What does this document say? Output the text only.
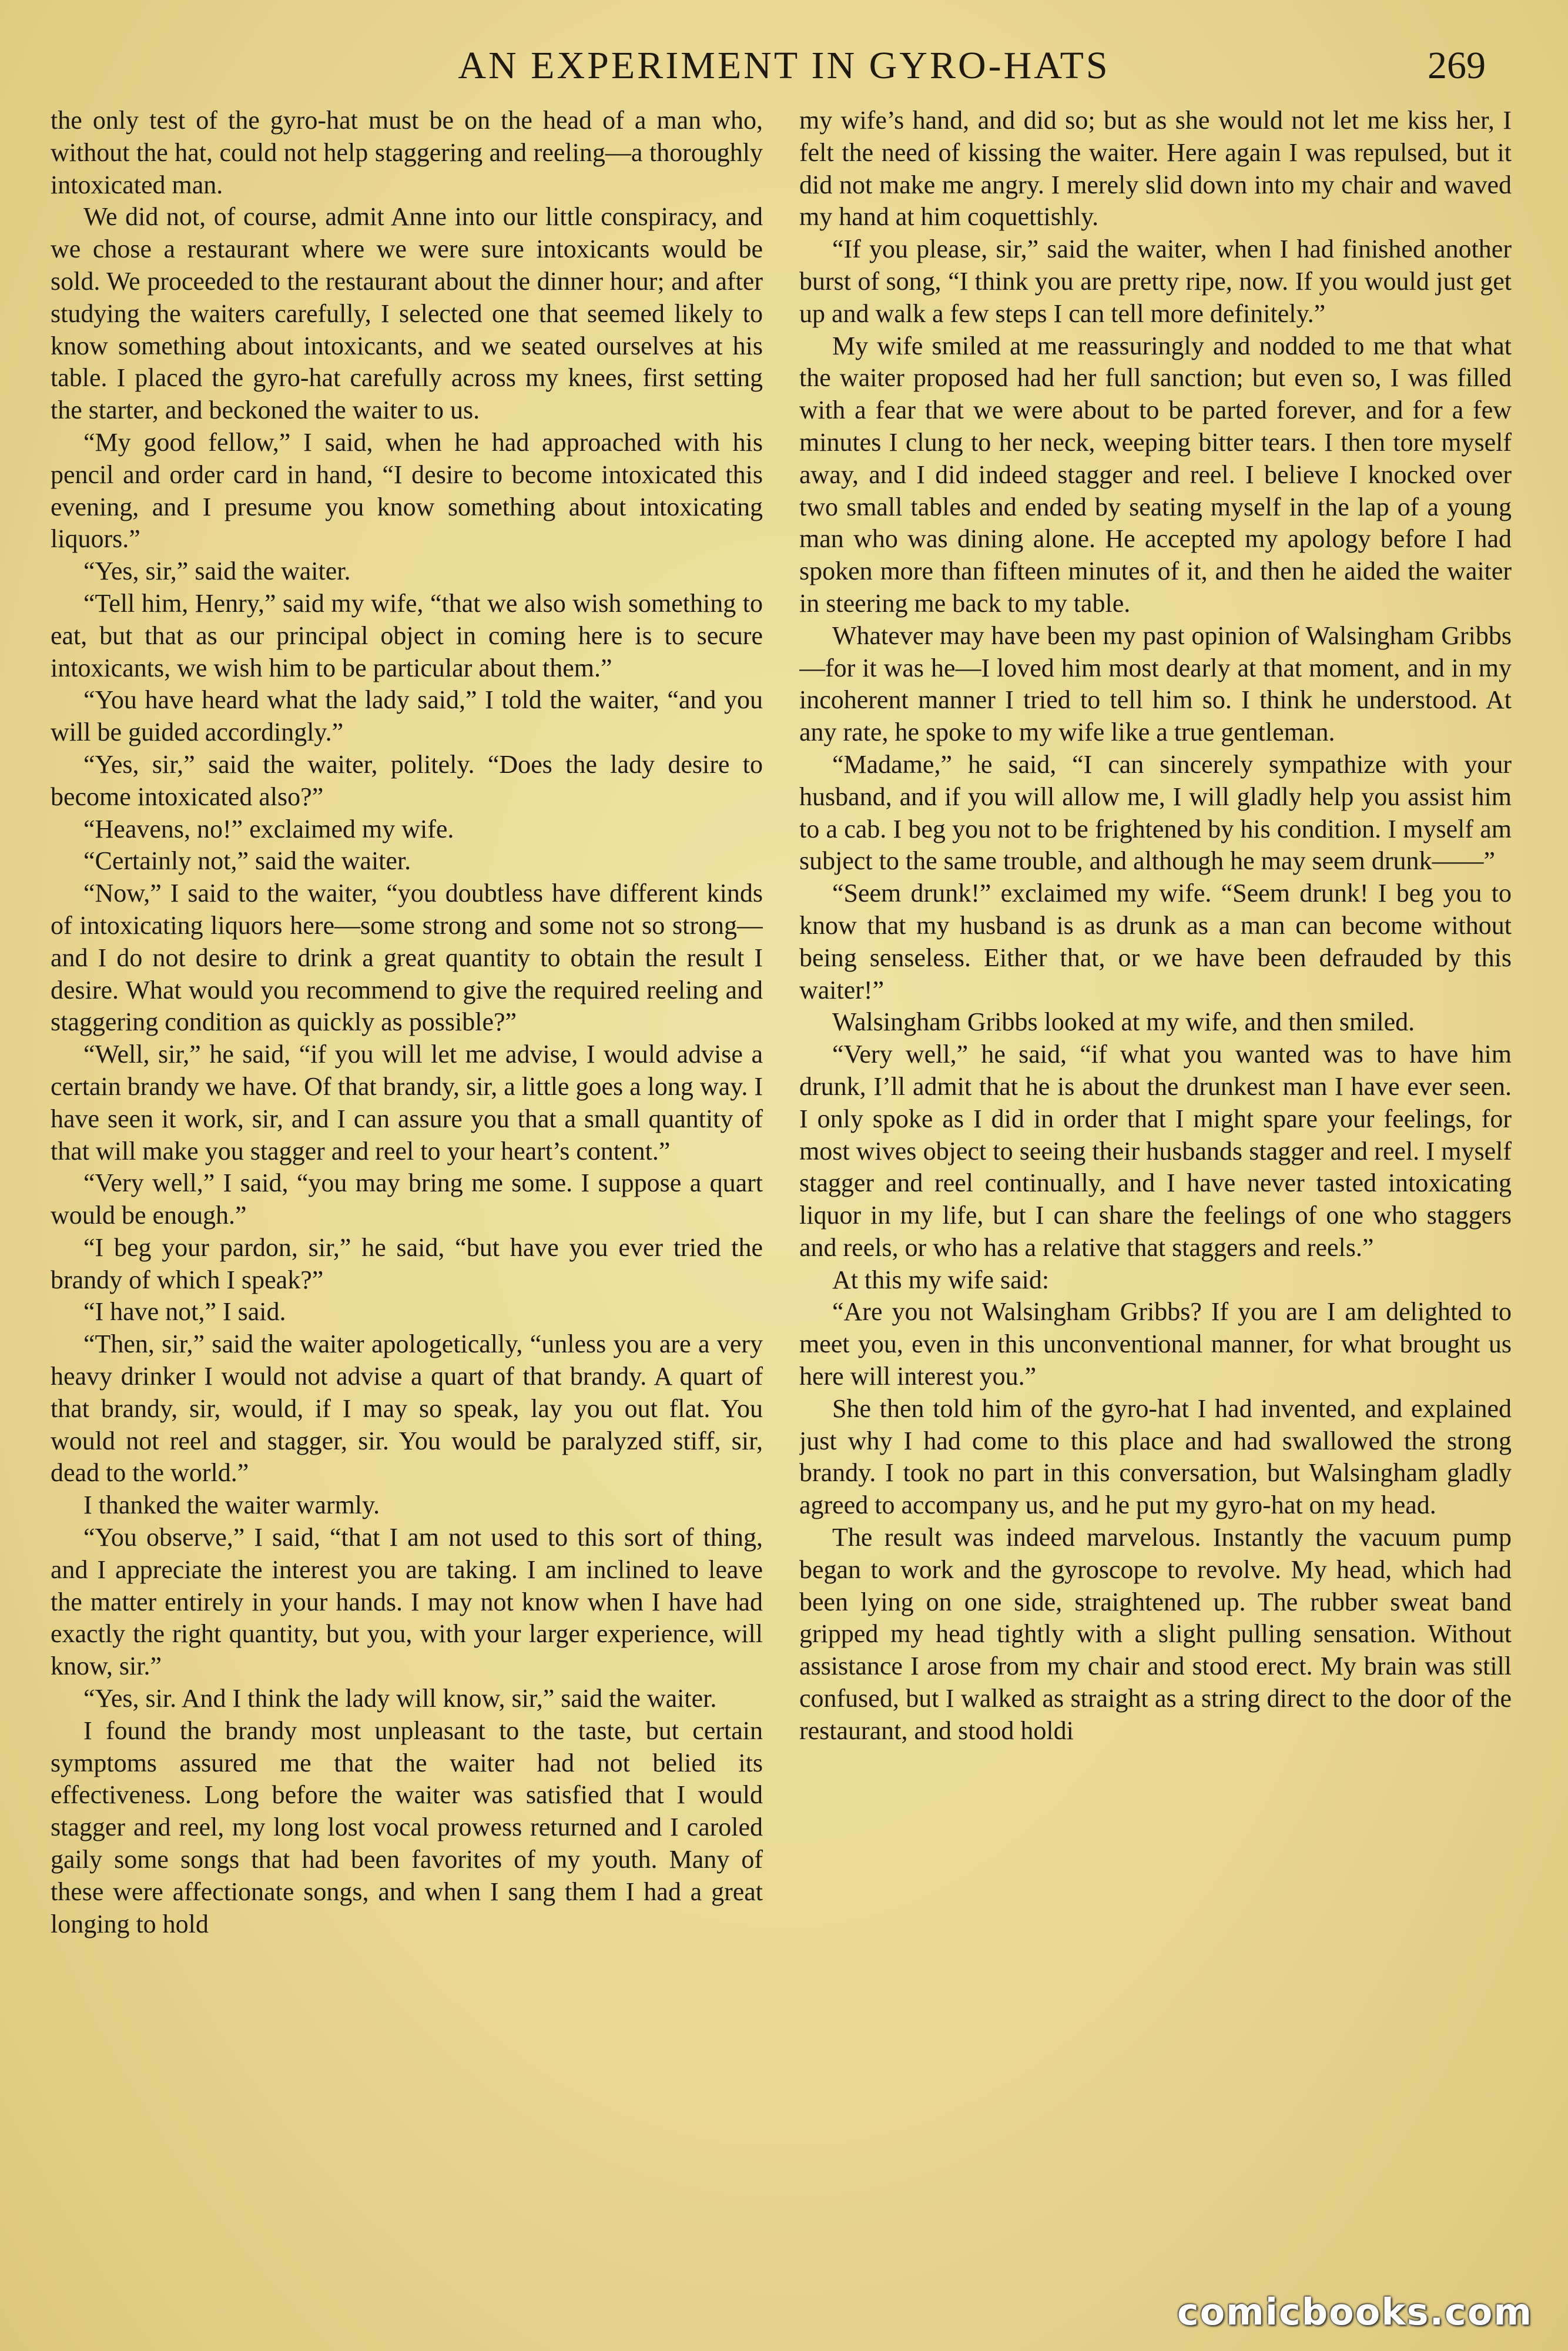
AN EXPERIMENT IN GYRO-HATS	269

the only test of the gyro-hat must be on the head of a man who, without the hat, could not help staggering and reeling—a thoroughly intoxicated man.

We did not, of course, admit Anne into our little conspiracy, and we chose a restaurant where we were sure intoxicants would be sold. We proceeded to the restaurant about the dinner hour; and after studying the waiters carefully, I selected one that seemed likely to know something about intoxicants, and we seated ourselves at his table. I placed the gyro-hat carefully across my knees, first setting the starter, and beckoned the waiter to us.

“My good fellow,” I said, when he had approached with his pencil and order card in hand, “I desire to become intoxicated this evening, and I presume you know something about intoxicating liquors.”

“Yes, sir,” said the waiter.

“Tell him, Henry,” said my wife, “that we also wish something to eat, but that as our principal object in coming here is to secure intoxicants, we wish him to be particular about them.”

“You have heard what the lady said,” I told the waiter, “and you will be guided accordingly.”

“Yes, sir,” said the waiter, politely. “Does the lady desire to become intoxicated also?”

“Heavens, no!” exclaimed my wife.

“Certainly not,” said the waiter.

“Now,” I said to the waiter, “you doubtless have different kinds of intoxicating liquors here—some strong and some not so strong—and I do not desire to drink a great quantity to obtain the result I desire. What would you recommend to give the required reeling and staggering condition as quickly as possible?”

“Well, sir,” he said, “if you will let me advise, I would advise a certain brandy we have. Of that brandy, sir, a little goes a long way. I have seen it work, sir, and I can assure you that a small quantity of that will make you stagger and reel to your heart’s content.”

“Very well,” I said, “you may bring me some. I suppose a quart would be enough.”

“I beg your pardon, sir,” he said, “but have you ever tried the brandy of which I speak?”

“I have not,” I said.

“Then, sir,” said the waiter apologetically, “unless you are a very heavy drinker I would not advise a quart of that brandy. A quart of that brandy, sir, would, if I may so speak, lay you out flat. You would not reel and stagger, sir. You would be paralyzed stiff, sir, dead to the world.”

I thanked the waiter warmly.

“You observe,” I said, “that I am not used to this sort of thing, and I appreciate the interest you are taking. I am inclined to leave the matter entirely in your hands. I may not know when I have had exactly the right quantity, but you, with your larger experience, will know, sir.”

“Yes, sir. And I think the lady will know, sir,” said the waiter.

I found the brandy most unpleasant to the taste, but certain symptoms assured me that the waiter had not belied its effectiveness. Long before the waiter was satisfied that I would stagger and reel, my long lost vocal prowess returned and I caroled gaily some songs that had been favorites of my youth. Many of these were affectionate songs, and when I sang them I had a great longing to hold

my wife’s hand, and did so; but as she would not let me kiss her, I felt the need of kissing the waiter. Here again I was repulsed, but it did not make me angry. I merely slid down into my chair and waved my hand at him coquettishly.

“If you please, sir,” said the waiter, when I had finished another burst of song, “I think you are pretty ripe, now. If you would just get up and walk a few steps I can tell more definitely.”

My wife smiled at me reassuringly and nodded to me that what the waiter proposed had her full sanction; but even so, I was filled with a fear that we were about to be parted forever, and for a few minutes I clung to her neck, weeping bitter tears. I then tore myself away, and I did indeed stagger and reel. I believe I knocked over two small tables and ended by seating myself in the lap of a young man who was dining alone. He accepted my apology before I had spoken more than fifteen minutes of it, and then he aided the waiter in steering me back to my table.

Whatever may have been my past opinion of Walsingham Gribbs—for it was he—I loved him most dearly at that moment, and in my incoherent manner I tried to tell him so. I think he understood. At any rate, he spoke to my wife like a true gentleman.

“Madame,” he said, “I can sincerely sympathize with your husband, and if you will allow me, I will gladly help you assist him to a cab. I beg you not to be frightened by his condition. I myself am subject to the same trouble, and although he may seem drunk——”

“Seem drunk!” exclaimed my wife. “Seem drunk! I beg you to know that my husband is as drunk as a man can become without being senseless. Either that, or we have been defrauded by this waiter!”

Walsingham Gribbs looked at my wife, and then smiled.

“Very well,” he said, “if what you wanted was to have him drunk, I’ll admit that he is about the drunkest man I have ever seen. I only spoke as I did in order that I might spare your feelings, for most wives object to seeing their husbands stagger and reel. I myself stagger and reel continually, and I have never tasted intoxicating liquor in my life, but I can share the feelings of one who staggers and reels, or who has a relative that staggers and reels.”

At this my wife said:

“Are you not Walsingham Gribbs? If you are I am delighted to meet you, even in this unconventional manner, for what brought us here will interest you.”

She then told him of the gyro-hat I had invented, and explained just why I had come to this place and had swallowed the strong brandy. I took no part in this conversation, but Walsingham gladly agreed to accompany us, and he put my gyro-hat on my head.

The result was indeed marvelous. Instantly the vacuum pump began to work and the gyroscope to revolve. My head, which had been lying on one side, straightened up. The rubber sweat band gripped my head tightly with a slight pulling sensation. Without assistance I arose from my chair and stood erect. My brain was still confused, but I walked as straight as a string direct to the door of the restaurant, and stood holdi

comicbooks.com
